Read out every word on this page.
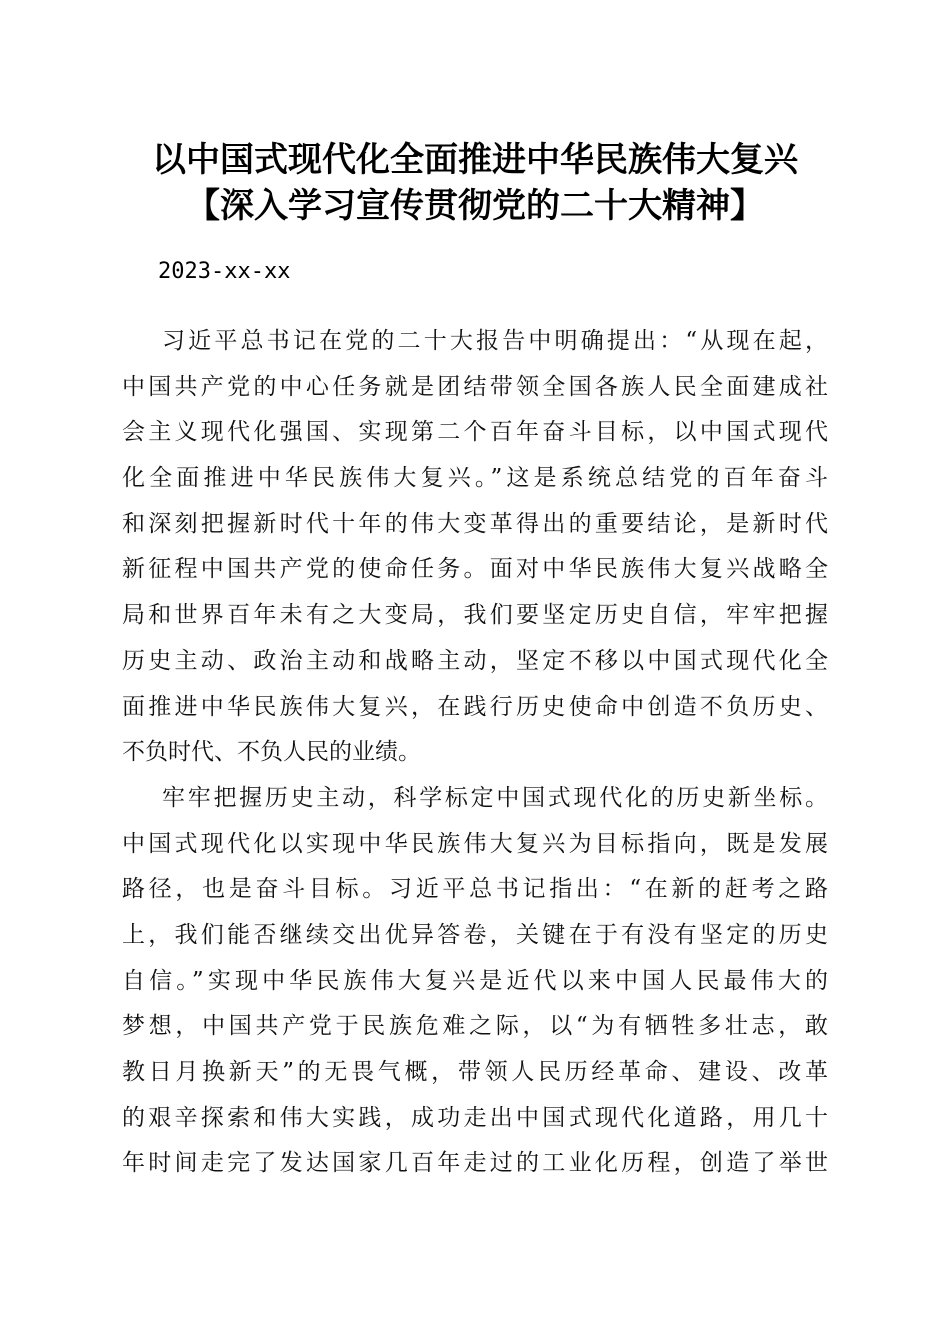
以中国式现代化全面推进中华民族伟大复兴
【深入学习宣传贯彻党的二十大精神】
2023-xx-xx
习近平总书记在党的二十大报告中明确提出：“从现在起，
中国共产党的中心任务就是团结带领全国各族人民全面建成社
会主义现代化强国、实现第二个百年奋斗目标，以中国式现代
化全面推进中华民族伟大复兴。”这是系统总结党的百年奋斗
和深刻把握新时代十年的伟大变革得出的重要结论，是新时代
新征程中国共产党的使命任务。面对中华民族伟大复兴战略全
局和世界百年未有之大变局，我们要坚定历史自信，牢牢把握
历史主动、政治主动和战略主动，坚定不移以中国式现代化全
面推进中华民族伟大复兴，在践行历史使命中创造不负历史、
不负时代、不负人民的业绩。
牢牢把握历史主动，科学标定中国式现代化的历史新坐标。
中国式现代化以实现中华民族伟大复兴为目标指向，既是发展
路径，也是奋斗目标。习近平总书记指出：“在新的赶考之路
上，我们能否继续交出优异答卷，关键在于有没有坚定的历史
自信。”实现中华民族伟大复兴是近代以来中国人民最伟大的
梦想，中国共产党于民族危难之际，以“为有牺牲多壮志，敢
教日月换新天”的无畏气概，带领人民历经革命、建设、改革
的艰辛探索和伟大实践，成功走出中国式现代化道路，用几十
年时间走完了发达国家几百年走过的工业化历程，创造了举世
